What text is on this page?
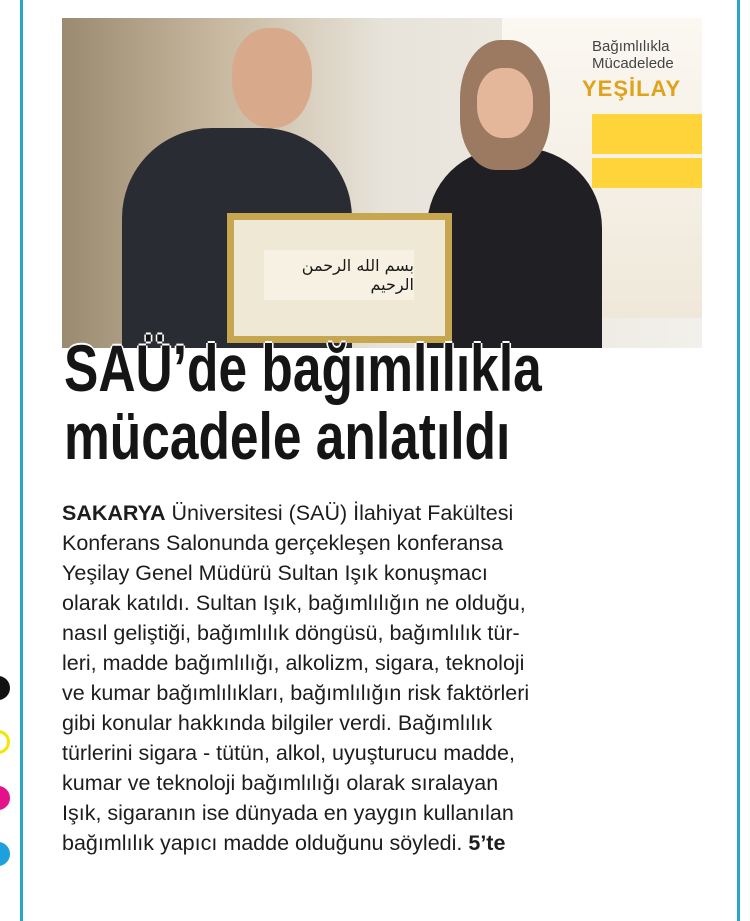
Bağımlılıkla Mücadelede
YEŞİLAY
بسم الله الرحمن الرحيم
SAÜ’de bağımlılıkla
mücadele anlatıldı
SAKARYA Üniversitesi (SAÜ) İlahiyat Fakültesi
Konferans Salonunda gerçekleşen konferansa
Yeşilay Genel Müdürü Sultan Işık konuşmacı
olarak katıldı. Sultan Işık, bağımlılığın ne olduğu,
nasıl geliştiği, bağımlılık döngüsü, bağımlılık tür-
leri, madde bağımlılığı, alkolizm, sigara, teknoloji
ve kumar bağımlılıkları, bağımlılığın risk faktörleri
gibi konular hakkında bilgiler verdi. Bağımlılık
türlerini sigara - tütün, alkol, uyuşturucu madde,
kumar ve teknoloji bağımlılığı olarak sıralayan
Işık, sigaranın ise dünyada en yaygın kullanılan
bağımlılık yapıcı madde olduğunu söyledi. 5’te
